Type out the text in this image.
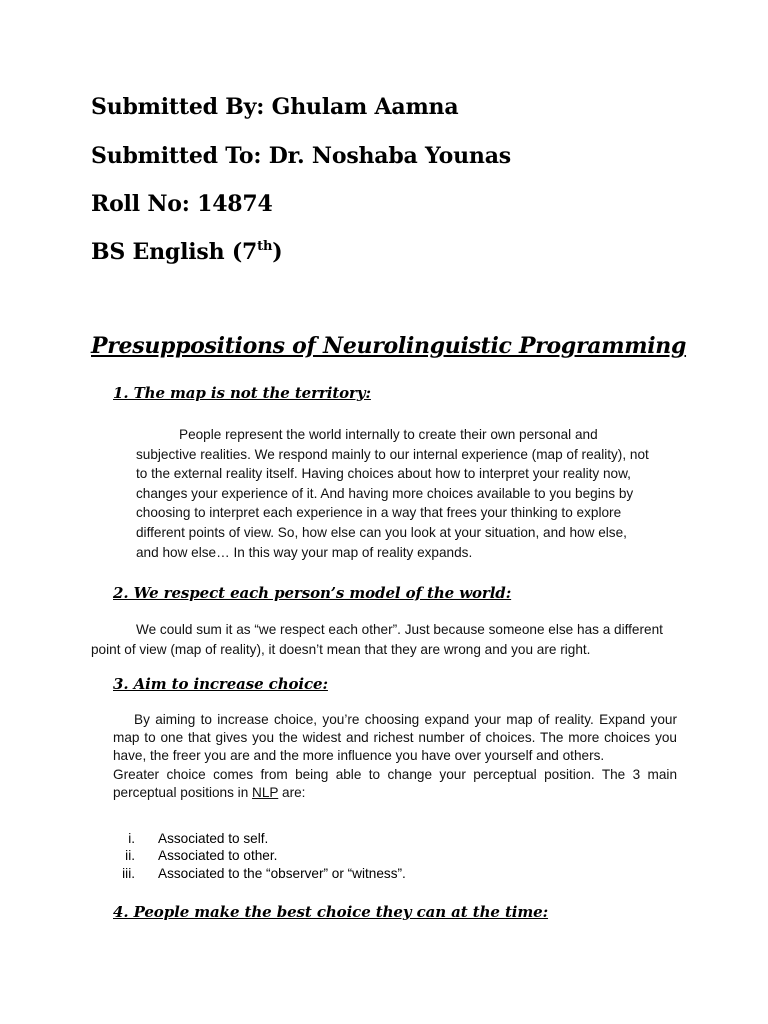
Submitted By: Ghulam Aamna
Submitted To: Dr. Noshaba Younas
Roll No: 14874
BS English (7th)
Presuppositions of Neurolinguistic Programming
1. The map is not the territory:

People represent the world internally to create their own personal and subjective realities. We respond mainly to our internal experience (map of reality), not to the external reality itself. Having choices about how to interpret your reality now, changes your experience of it. And having more choices available to you begins by choosing to interpret each experience in a way that frees your thinking to explore different points of view. So, how else can you look at your situation, and how else, and how else… In this way your map of reality expands.

2. We respect each person’s model of the world:

We could sum it as “we respect each other”. Just because someone else has a different point of view (map of reality), it doesn’t mean that they are wrong and you are right.

3. Aim to increase choice:

By aiming to increase choice, you’re choosing expand your map of reality. Expand your map to one that gives you the widest and richest number of choices. The more choices you have, the freer you are and the more influence you have over yourself and others.

Greater choice comes from being able to change your perceptual position. The 3 main perceptual positions in NLP are:

i. Associated to self.
ii. Associated to other.
iii. Associated to the “observer” or “witness”.
4. People make the best choice they can at the time:
